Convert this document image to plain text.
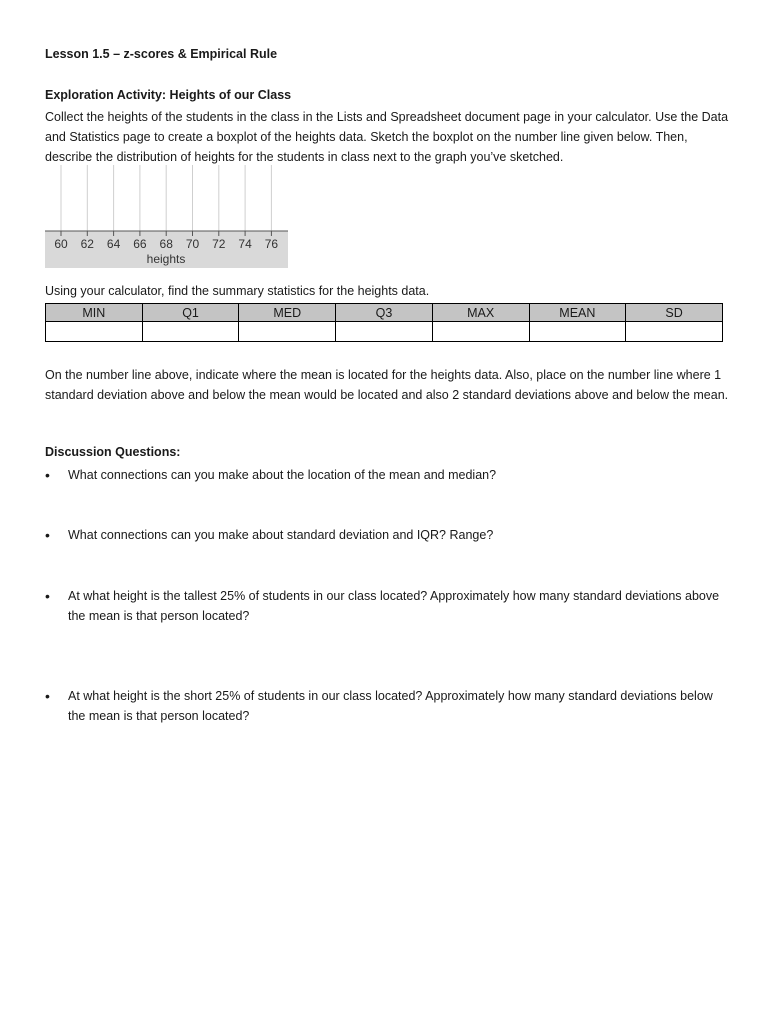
Lesson 1.5 – z-scores & Empirical Rule
Exploration Activity: Heights of our Class
Collect the heights of the students in the class in the Lists and Spreadsheet document page in your calculator. Use the Data and Statistics page to create a boxplot of the heights data. Sketch the boxplot on the number line given below. Then, describe the distribution of heights for the students in class next to the graph you’ve sketched.
60 62 64 66 68 70 72 74 76
heights
Using your calculator, find the summary statistics for the heights data.
MIN	Q1	MED	Q3	MAX	MEAN	SD

On the number line above, indicate where the mean is located for the heights data. Also, place on the number line where 1 standard deviation above and below the mean would be located and also 2 standard deviations above and below the mean.
Discussion Questions:
• What connections can you make about the location of the mean and median?
• What connections can you make about standard deviation and IQR? Range?
• At what height is the tallest 25% of students in our class located? Approximately how many standard deviations above the mean is that person located?
• At what height is the short 25% of students in our class located? Approximately how many standard deviations below the mean is that person located?
